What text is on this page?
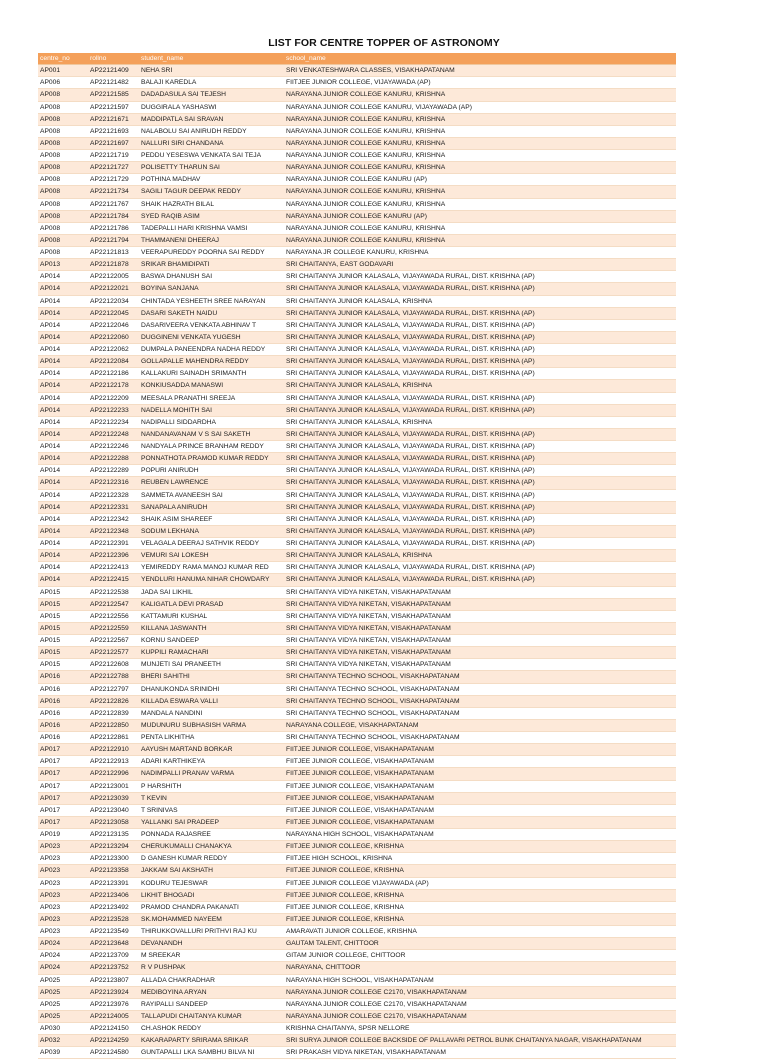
LIST FOR CENTRE TOPPER OF ASTRONOMY
centre_no	rollno	student_name	school_name
AP001	AP22121409	NEHA SRI	SRI VENKATESHWARA CLASSES, VISAKHAPATANAM
AP006	AP22121482	BALAJI KAREDLA	FIITJEE JUNIOR COLLEGE, VIJAYAWADA (AP)
AP008	AP22121585	DADADASULA SAI TEJESH	NARAYANA JUNIOR COLLEGE KANURU, KRISHNA
AP008	AP22121597	DUGGIRALA YASHASWI	NARAYANA JUNIOR COLLEGE KANURU, VIJAYAWADA (AP)
AP008	AP22121671	MADDIPATLA SAI SRAVAN	NARAYANA JUNIOR COLLEGE KANURU, KRISHNA
AP008	AP22121693	NALABOLU SAI ANIRUDH REDDY	NARAYANA JUNIOR COLLEGE KANURU, KRISHNA
AP008	AP22121697	NALLURI SIRI CHANDANA	NARAYANA JUNIOR COLLEGE KANURU, KRISHNA
AP008	AP22121719	PEDDU YESESWA VENKATA SAI TEJA	NARAYANA JUNIOR COLLEGE KANURU, KRISHNA
AP008	AP22121727	POLISETTY THARUN SAI	NARAYANA JUNIOR COLLEGE KANURU, KRISHNA
AP008	AP22121729	POTHINA MADHAV	NARAYANA JUNIOR COLLEGE KANURU (AP)
AP008	AP22121734	SAGILI TAGUR DEEPAK REDDY	NARAYANA JUNIOR COLLEGE KANURU, KRISHNA
AP008	AP22121767	SHAIK HAZRATH BILAL	NARAYANA JUNIOR COLLEGE KANURU, KRISHNA
AP008	AP22121784	SYED RAQIB ASIM	NARAYANA JUNIOR COLLEGE KANURU (AP)
AP008	AP22121786	TADEPALLI HARI KRISHNA VAMSI	NARAYANA JUNIOR COLLEGE KANURU, KRISHNA
AP008	AP22121794	THAMMANENI DHEERAJ	NARAYANA JUNIOR COLLEGE KANURU, KRISHNA
AP008	AP22121813	VEERAPUREDDY POORNA SAI REDDY	NARAYANA JR COLLEGE KANURU, KRISHNA
AP013	AP22121878	SRIKAR BHAMIDIPATI	SRI CHAITANYA, EAST GODAVARI
AP014	AP22122005	BASWA DHANUSH SAI	SRI CHAITANYA JUNIOR KALASALA, VIJAYAWADA RURAL, DIST. KRISHNA (AP)
AP014	AP22122021	BOYINA SANJANA	SRI CHAITANYA JUNIOR KALASALA, VIJAYAWADA RURAL, DIST. KRISHNA (AP)
AP014	AP22122034	CHINTADA YESHEETH SREE NARAYAN	SRI CHAITANYA JUNIOR KALASALA, KRISHNA
AP014	AP22122045	DASARI SAKETH NAIDU	SRI CHAITANYA JUNIOR KALASALA, VIJAYAWADA RURAL, DIST. KRISHNA (AP)
AP014	AP22122046	DASARIVEERA VENKATA ABHINAV T	SRI CHAITANYA JUNIOR KALASALA, VIJAYAWADA RURAL, DIST. KRISHNA (AP)
AP014	AP22122060	DUGGINENI VENKATA YUGESH	SRI CHAITANYA JUNIOR KALASALA, VIJAYAWADA RURAL, DIST. KRISHNA (AP)
AP014	AP22122062	DUMPALA PANEENDRA NADHA REDDY	SRI CHAITANYA JUNIOR KALASALA, VIJAYAWADA RURAL, DIST. KRISHNA (AP)
AP014	AP22122084	GOLLAPALLE MAHENDRA REDDY	SRI CHAITANYA JUNIOR KALASALA, VIJAYAWADA RURAL, DIST. KRISHNA (AP)
AP014	AP22122186	KALLAKURI SAINADH SRIMANTH	SRI CHAITANYA JUNIOR KALASALA, VIJAYAWADA RURAL, DIST. KRISHNA (AP)
AP014	AP22122178	KONKIUSADDA MANASWI	SRI CHAITANYA JUNIOR KALASALA, KRISHNA
AP014	AP22122209	MEESALA PRANATHI SREEJA	SRI CHAITANYA JUNIOR KALASALA, VIJAYAWADA RURAL, DIST. KRISHNA (AP)
AP014	AP22122233	NADELLA MOHITH SAI	SRI CHAITANYA JUNIOR KALASALA, VIJAYAWADA RURAL, DIST. KRISHNA (AP)
AP014	AP22122234	NADIPALLI SIDDARDHA	SRI CHAITANYA JUNIOR KALASALA, KRISHNA
AP014	AP22122248	NANDANAVANAM V S SAI SAKETH	SRI CHAITANYA JUNIOR KALASALA, VIJAYAWADA RURAL, DIST. KRISHNA (AP)
AP014	AP22122246	NANDYALA PRINCE BRANHAM REDDY	SRI CHAITANYA JUNIOR KALASALA, VIJAYAWADA RURAL, DIST. KRISHNA (AP)
AP014	AP22122288	PONNATHOTA PRAMOD KUMAR REDDY	SRI CHAITANYA JUNIOR KALASALA, VIJAYAWADA RURAL, DIST. KRISHNA (AP)
AP014	AP22122289	POPURI ANIRUDH	SRI CHAITANYA JUNIOR KALASALA, VIJAYAWADA RURAL, DIST. KRISHNA (AP)
AP014	AP22122316	REUBEN LAWRENCE	SRI CHAITANYA JUNIOR KALASALA, VIJAYAWADA RURAL, DIST. KRISHNA (AP)
AP014	AP22122328	SAMMETA AVANEESH SAI	SRI CHAITANYA JUNIOR KALASALA, VIJAYAWADA RURAL, DIST. KRISHNA (AP)
AP014	AP22122331	SANAPALA ANIRUDH	SRI CHAITANYA JUNIOR KALASALA, VIJAYAWADA RURAL, DIST. KRISHNA (AP)
AP014	AP22122342	SHAIK ASIM SHAREEF	SRI CHAITANYA JUNIOR KALASALA, VIJAYAWADA RURAL, DIST. KRISHNA (AP)
AP014	AP22122348	SODUM LEKHANA	SRI CHAITANYA JUNIOR KALASALA, VIJAYAWADA RURAL, DIST. KRISHNA (AP)
AP014	AP22122391	VELAGALA DEERAJ SATHVIK REDDY	SRI CHAITANYA JUNIOR KALASALA, VIJAYAWADA RURAL, DIST. KRISHNA (AP)
AP014	AP22122396	VEMURI SAI LOKESH	SRI CHAITANYA JUNIOR KALASALA, KRISHNA
AP014	AP22122413	YEMIREDDY RAMA MANOJ KUMAR RED	SRI CHAITANYA JUNIOR KALASALA, VIJAYAWADA RURAL, DIST. KRISHNA (AP)
AP014	AP22122415	YENDLURI HANUMA NIHAR CHOWDARY	SRI CHAITANYA JUNIOR KALASALA, VIJAYAWADA RURAL, DIST. KRISHNA (AP)
AP015	AP22122538	JADA SAI LIKHIL	SRI CHAITANYA VIDYA NIKETAN, VISAKHAPATANAM
AP015	AP22122547	KALIGATLA DEVI PRASAD	SRI CHAITANYA VIDYA NIKETAN, VISAKHAPATANAM
AP015	AP22122556	KATTAMURI KUSHAL	SRI CHAITANYA VIDYA NIKETAN, VISAKHAPATANAM
AP015	AP22122559	KILLANA JASWANTH	SRI CHAITANYA VIDYA NIKETAN, VISAKHAPATANAM
AP015	AP22122567	KORNU SANDEEP	SRI CHAITANYA VIDYA NIKETAN, VISAKHAPATANAM
AP015	AP22122577	KUPPILI RAMACHARI	SRI CHAITANYA VIDYA NIKETAN, VISAKHAPATANAM
AP015	AP22122608	MUNJETI SAI PRANEETH	SRI CHAITANYA VIDYA NIKETAN, VISAKHAPATANAM
AP016	AP22122788	BHERI SAHITHI	SRI CHAITANYA TECHNO SCHOOL, VISAKHAPATANAM
AP016	AP22122797	DHANUKONDA SRINIDHI	SRI CHAITANYA TECHNO SCHOOL, VISAKHAPATANAM
AP016	AP22122826	KILLADA ESWARA VALLI	SRI CHAITANYA TECHNO SCHOOL, VISAKHAPATANAM
AP016	AP22122839	MANDALA NANDINI	SRI CHAITANYA TECHNO SCHOOL, VISAKHAPATANAM
AP016	AP22122850	MUDUNURU SUBHASISH VARMA	NARAYANA COLLEGE, VISAKHAPATANAM
AP016	AP22122861	PENTA LIKHITHA	SRI CHAITANYA TECHNO SCHOOL, VISAKHAPATANAM
AP017	AP22122910	AAYUSH MARTAND BORKAR	FIITJEE JUNIOR COLLEGE, VISAKHAPATANAM
AP017	AP22122913	ADARI KARTHIKEYA	FIITJEE JUNIOR COLLEGE, VISAKHAPATANAM
AP017	AP22122996	NADIMPALLI PRANAV VARMA	FIITJEE JUNIOR COLLEGE, VISAKHAPATANAM
AP017	AP22123001	P HARSHITH	FIITJEE JUNIOR COLLEGE, VISAKHAPATANAM
AP017	AP22123039	T KEVIN	FIITJEE JUNIOR COLLEGE, VISAKHAPATANAM
AP017	AP22123040	T SRINIVAS	FIITJEE JUNIOR COLLEGE, VISAKHAPATANAM
AP017	AP22123058	YALLANKI SAI PRADEEP	FIITJEE JUNIOR COLLEGE, VISAKHAPATANAM
AP019	AP22123135	PONNADA RAJASREE	NARAYANA HIGH SCHOOL, VISAKHAPATANAM
AP023	AP22123294	CHERUKUMALLI CHANAKYA	FIITJEE JUNIOR COLLEGE, KRISHNA
AP023	AP22123300	D GANESH KUMAR REDDY	FIITJEE HIGH SCHOOL, KRISHNA
AP023	AP22123358	JAKKAM SAI AKSHATH	FIITJEE JUNIOR COLLEGE, KRISHNA
AP023	AP22123391	KODURU TEJESWAR	FIITJEE JUNIOR COLLEGE VIJAYAWADA (AP)
AP023	AP22123406	LIKHIT BHOGADI	FIITJEE JUNIOR COLLEGE, KRISHNA
AP023	AP22123492	PRAMOD CHANDRA PAKANATI	FIITJEE JUNIOR COLLEGE, KRISHNA
AP023	AP22123528	SK.MOHAMMED NAYEEM	FIITJEE JUNIOR COLLEGE, KRISHNA
AP023	AP22123549	THIRUKKOVALLURI PRITHVI RAJ KU	AMARAVATI JUNIOR COLLEGE, KRISHNA
AP024	AP22123648	DEVANANDH	GAUTAM TALENT, CHITTOOR
AP024	AP22123709	M SREEKAR	GITAM JUNIOR COLLEGE, CHITTOOR
AP024	AP22123752	R V PUSHPAK	NARAYANA, CHITTOOR
AP025	AP22123807	ALLADA CHAKRADHAR	NARAYANA HIGH SCHOOL, VISAKHAPATANAM
AP025	AP22123924	MEDIBOYINA ARYAN	NARAYANA JUNIOR COLLEGE C2170, VISAKHAPATANAM
AP025	AP22123976	RAYIPALLI SANDEEP	NARAYANA JUNIOR COLLEGE C2170, VISAKHAPATANAM
AP025	AP22124005	TALLAPUDI CHAITANYA KUMAR	NARAYANA JUNIOR COLLEGE C2170, VISAKHAPATANAM
AP030	AP22124150	CH.ASHOK REDDY	KRISHNA CHAITANYA, SPSR NELLORE
AP032	AP22124259	KAKARAPARTY SRIRAMA SRIKAR	SRI SURYA JUNIOR COLLEGE BACKSIDE OF PALLAVARI PETROL BUNK CHAITANYA NAGAR, VISAKHAPATANAM
AP039	AP22124580	GUNTAPALLI LKA SAMBHU BILVA NI	SRI PRAKASH VIDYA NIKETAN, VISAKHAPATANAM
